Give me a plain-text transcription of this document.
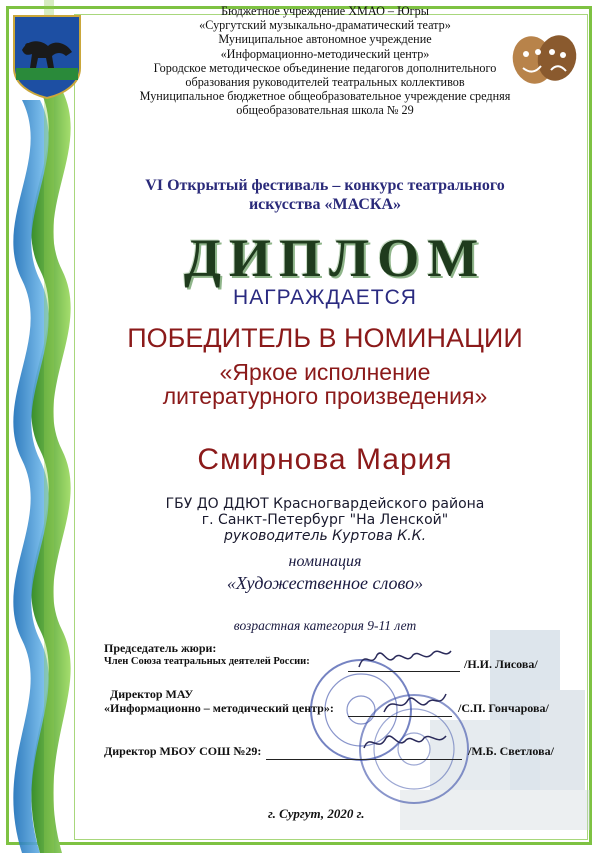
Бюджетное учреждение ХМАО – Югры
«Сургутский музыкально-драматический театр»
Муниципальное автономное учреждение
«Информационно-методический центр»
Городское методическое объединение педагогов дополнительного
образования руководителей театральных коллективов
Муниципальное бюджетное общеобразовательное учреждение средняя
общеобразовательная школа № 29
VI Открытый фестиваль – конкурс театрального
искусства «МАСКА»
ДИПЛОМ
НАГРАЖДАЕТСЯ
ПОБЕДИТЕЛЬ В НОМИНАЦИИ
«Яркое исполнение
литературного произведения»
Смирнова Мария
ГБУ ДО ДДЮТ Красногвардейского района
г. Санкт-Петербург "На Ленской"
руководитель Куртова К.К.
номинация
«Художественное слово»
возрастная категория 9-11 лет
Председатель жюри:
Член Союза театральных деятелей России:	/Н.И. Лисова/
Директор МАУ
«Информационно – методический центр»:	/С.П. Гончарова/
Директор МБОУ СОШ №29:	/М.Б. Светлова/
г. Сургут, 2020 г.
